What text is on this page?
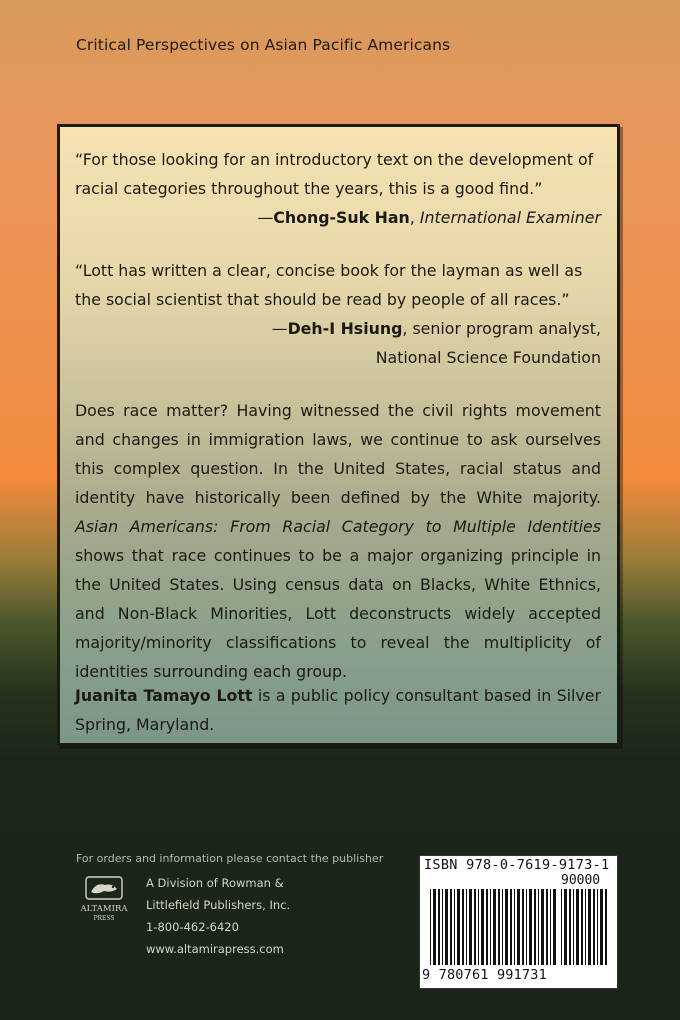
Critical Perspectives on Asian Pacific Americans
“For those looking for an introductory text on the development of racial categories throughout the years, this is a good find.”
—Chong-Suk Han, International Examiner
“Lott has written a clear, concise book for the layman as well as the social scientist that should be read by people of all races.”
—Deh-I Hsiung, senior program analyst,
National Science Foundation
Does race matter? Having witnessed the civil rights movement and changes in immigration laws, we continue to ask ourselves this complex question. In the United States, racial status and identity have historically been defined by the White majority. Asian Americans: From Racial Category to Multiple Identities shows that race continues to be a major organizing principle in the United States. Using census data on Blacks, White Ethnics, and Non-Black Minorities, Lott deconstructs widely accepted majority/minority classifications to reveal the multiplicity of identities surrounding each group.
Juanita Tamayo Lott is a public policy consultant based in Silver Spring, Maryland.
For orders and information please contact the publisher
ALTAMIRA
PRESS
A Division of Rowman &
Littlefield Publishers, Inc.
1-800-462-6420
www.altamirapress.com
ISBN 978-0-7619-9173-1
90000
9 780761 991731
